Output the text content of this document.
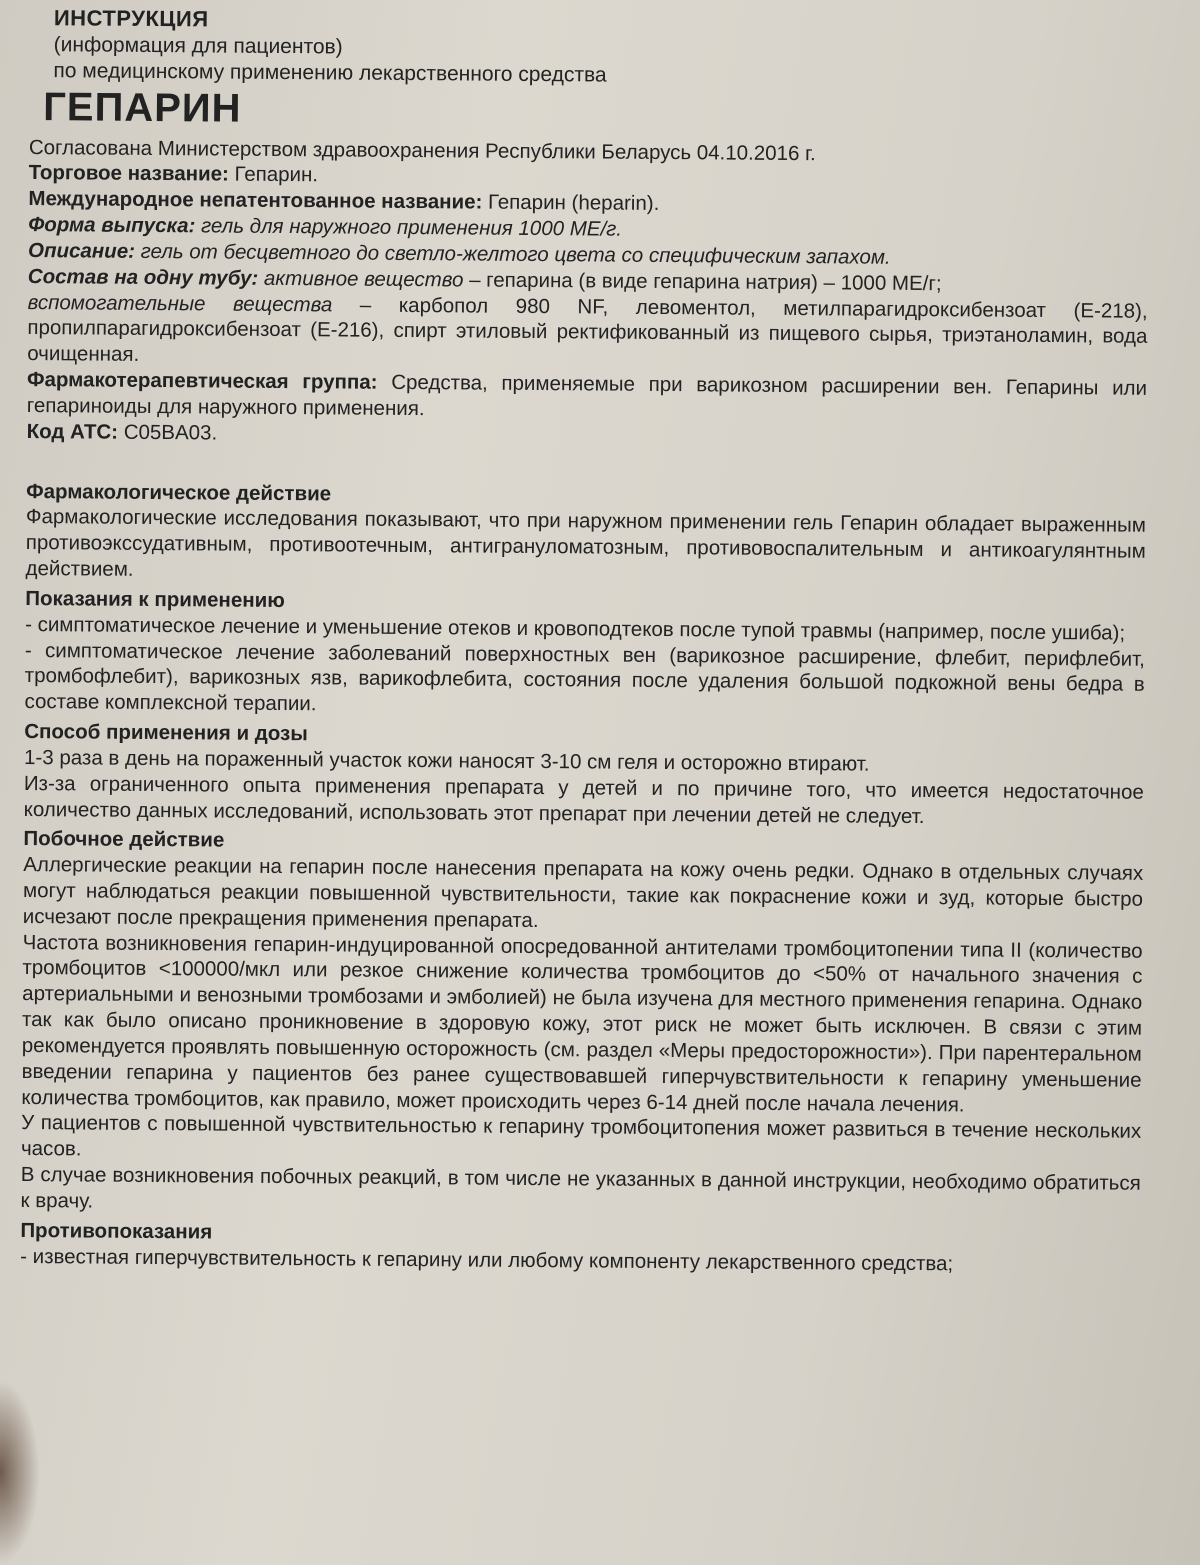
ИНСТРУКЦИЯ

(информация для пациентов)

по медицинскому применению лекарственного средства

ГЕПАРИН

Согласована Министерством здравоохранения Республики Беларусь 04.10.2016 г.

Торговое название: Гепарин.

Международное непатентованное название: Гепарин (heparin).

Форма выпуска: гель для наружного применения 1000 МЕ/г.

Описание: гель от бесцветного до светло-желтого цвета со специфическим запахом.

Состав на одну тубу: активное вещество – гепарина (в виде гепарина натрия) – 1000 МЕ/г;

вспомогательные вещества – карбопол 980 NF, левоментол, метилпарагидроксибензоат (Е-218), пропилпарагидроксибензоат (Е-216), спирт этиловый ректификованный из пищевого сырья, триэтаноламин, вода очищенная.

Фармакотерапевтическая группа: Средства, применяемые при варикозном расширении вен. Гепарины или гепариноиды для наружного применения.

Код АТС: C05BA03.

Фармакологическое действие

Фармакологические исследования показывают, что при наружном применении гель Гепарин обладает выраженным противоэкссудативным, противоотечным, антигрануломатозным, противовоспалительным и антикоагулянтным действием.

Показания к применению

- симптоматическое лечение и уменьшение отеков и кровоподтеков после тупой травмы (например, после ушиба);

- симптоматическое лечение заболеваний поверхностных вен (варикозное расширение, флебит, перифлебит, тромбофлебит), варикозных язв, варикофлебита, состояния после удаления большой подкожной вены бедра в составе комплексной терапии.

Способ применения и дозы

1-3 раза в день на пораженный участок кожи наносят 3-10 см геля и осторожно втирают.

Из-за ограниченного опыта применения препарата у детей и по причине того, что имеется недостаточное количество данных исследований, использовать этот препарат при лечении детей не следует.

Побочное действие

Аллергические реакции на гепарин после нанесения препарата на кожу очень редки. Однако в отдельных случаях могут наблюдаться реакции повышенной чувствительности, такие как покраснение кожи и зуд, которые быстро исчезают после прекращения применения препарата.

Частота возникновения гепарин-индуцированной опосредованной антителами тромбоцитопении типа II (количество тромбоцитов <100000/мкл или резкое снижение количества тромбоцитов до <50% от начального значения с артериальными и венозными тромбозами и эмболией) не была изучена для местного применения гепарина. Однако так как было описано проникновение в здоровую кожу, этот риск не может быть исключен. В связи с этим рекомендуется проявлять повышенную осторожность (см. раздел «Меры предосторожности»). При парентеральном введении гепарина у пациентов без ранее существовавшей гиперчувствительности к гепарину уменьшение количества тромбоцитов, как правило, может происходить через 6-14 дней после начала лечения.

У пациентов с повышенной чувствительностью к гепарину тромбоцитопения может развиться в течение нескольких часов.

В случае возникновения побочных реакций, в том числе не указанных в данной инструкции, необходимо обратиться к врачу.

Противопоказания

- известная гиперчувствительность к гепарину или любому компоненту лекарственного средства;
